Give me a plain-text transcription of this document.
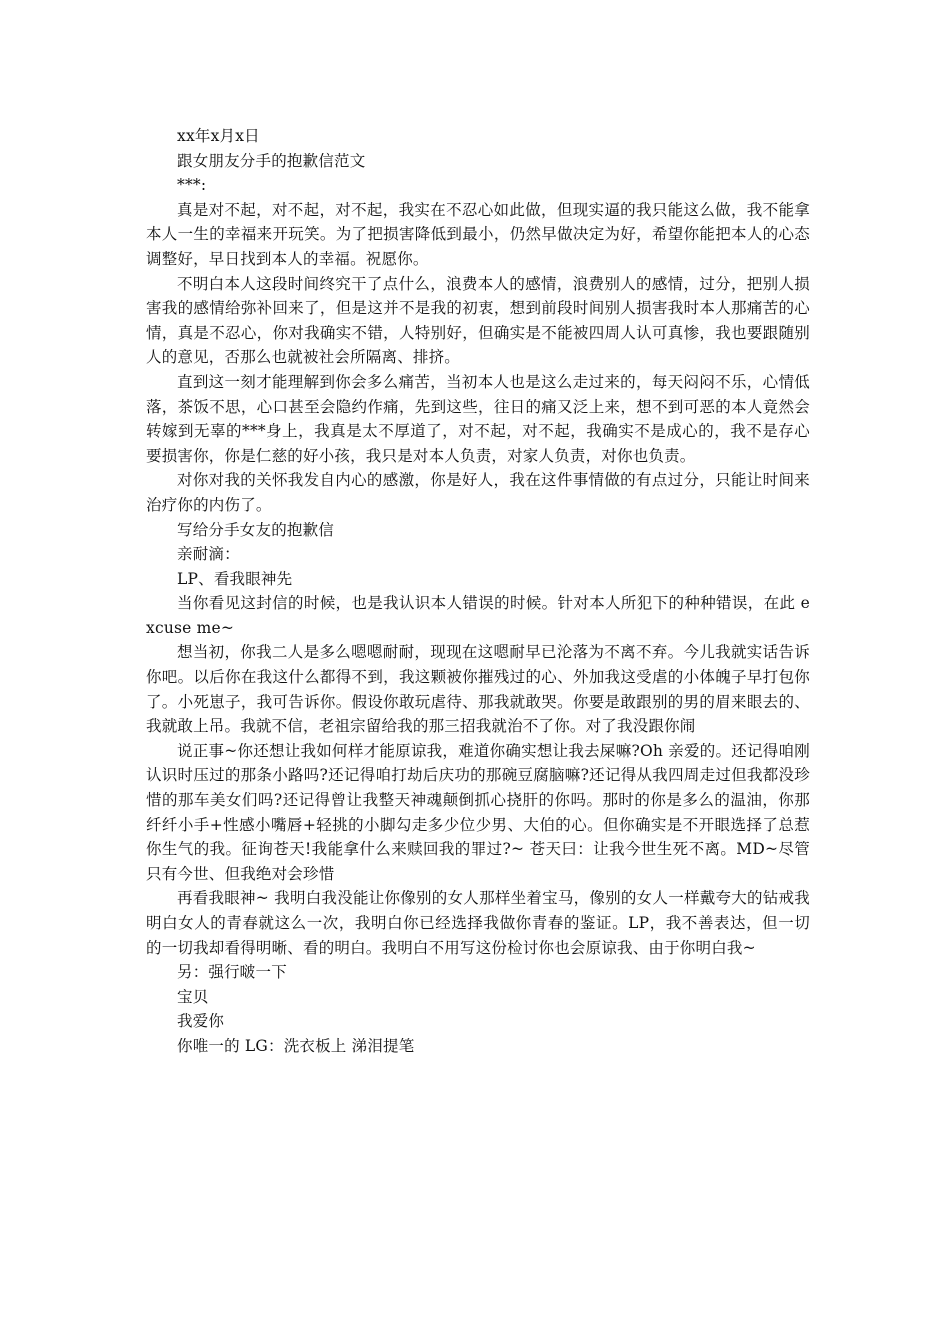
xx年x月x日

跟女朋友分手的抱歉信范文

***:

真是对不起，对不起，对不起，我实在不忍心如此做，但现实逼的我只能这么做，我不能拿本人一生的幸福来开玩笑。为了把损害降低到最小，仍然早做决定为好，希望你能把本人的心态调整好，早日找到本人的幸福。祝愿你。

不明白本人这段时间终究干了点什么，浪费本人的感情，浪费别人的感情，过分，把别人损害我的感情给弥补回来了，但是这并不是我的初衷，想到前段时间别人损害我时本人那痛苦的心情，真是不忍心，你对我确实不错，人特别好，但确实是不能被四周人认可真惨，我也要跟随别人的意见，否那么也就被社会所隔离、排挤。

直到这一刻才能理解到你会多么痛苦，当初本人也是这么走过来的，每天闷闷不乐，心情低落，茶饭不思，心口甚至会隐约作痛，先到这些，往日的痛又泛上来，想不到可恶的本人竟然会转嫁到无辜的***身上，我真是太不厚道了，对不起，对不起，我确实不是成心的，我不是存心要损害你，你是仁慈的好小孩，我只是对本人负责，对家人负责，对你也负责。

对你对我的关怀我发自内心的感激，你是好人，我在这件事情做的有点过分，只能让时间来治疗你的内伤了。

写给分手女友的抱歉信

亲耐滴：

LP、看我眼神先

当你看见这封信的时候，也是我认识本人错误的时候。针对本人所犯下的种种错误，在此 excuse me~

想当初，你我二人是多么嗯嗯耐耐，现现在这嗯耐早已沦落为不离不弃。今儿我就实话告诉你吧。以后你在我这什么都得不到，我这颗被你摧残过的心、外加我这受虐的小体魄子早打包你了。小死崽子，我可告诉你。假设你敢玩虐待、那我就敢哭。你要是敢跟别的男的眉来眼去的、我就敢上吊。我就不信，老祖宗留给我的那三招我就治不了你。对了我没跟你闹

说正事~你还想让我如何样才能原谅我，难道你确实想让我去屎嘛?Oh 亲爱的。还记得咱刚认识时压过的那条小路吗?还记得咱打劫后庆功的那碗豆腐脑嘛?还记得从我四周走过但我都没珍惜的那车美女们吗?还记得曾让我整天神魂颠倒抓心挠肝的你吗。那时的你是多么的温油，你那纤纤小手+性感小嘴唇+轻挑的小脚勾走多少位少男、大伯的心。但你确实是不开眼选择了总惹你生气的我。征询苍天!我能拿什么来赎回我的罪过?~ 苍天曰：让我今世生死不离。MD~尽管只有今世、但我绝对会珍惜

再看我眼神~ 我明白我没能让你像别的女人那样坐着宝马，像别的女人一样戴夸大的钻戒我明白女人的青春就这么一次，我明白你已经选择我做你青春的鉴证。LP，我不善表达，但一切的一切我却看得明晰、看的明白。我明白不用写这份检讨你也会原谅我、由于你明白我~

另：强行啵一下

宝贝

我爱你

你唯一的 LG：洗衣板上 涕泪提笔
